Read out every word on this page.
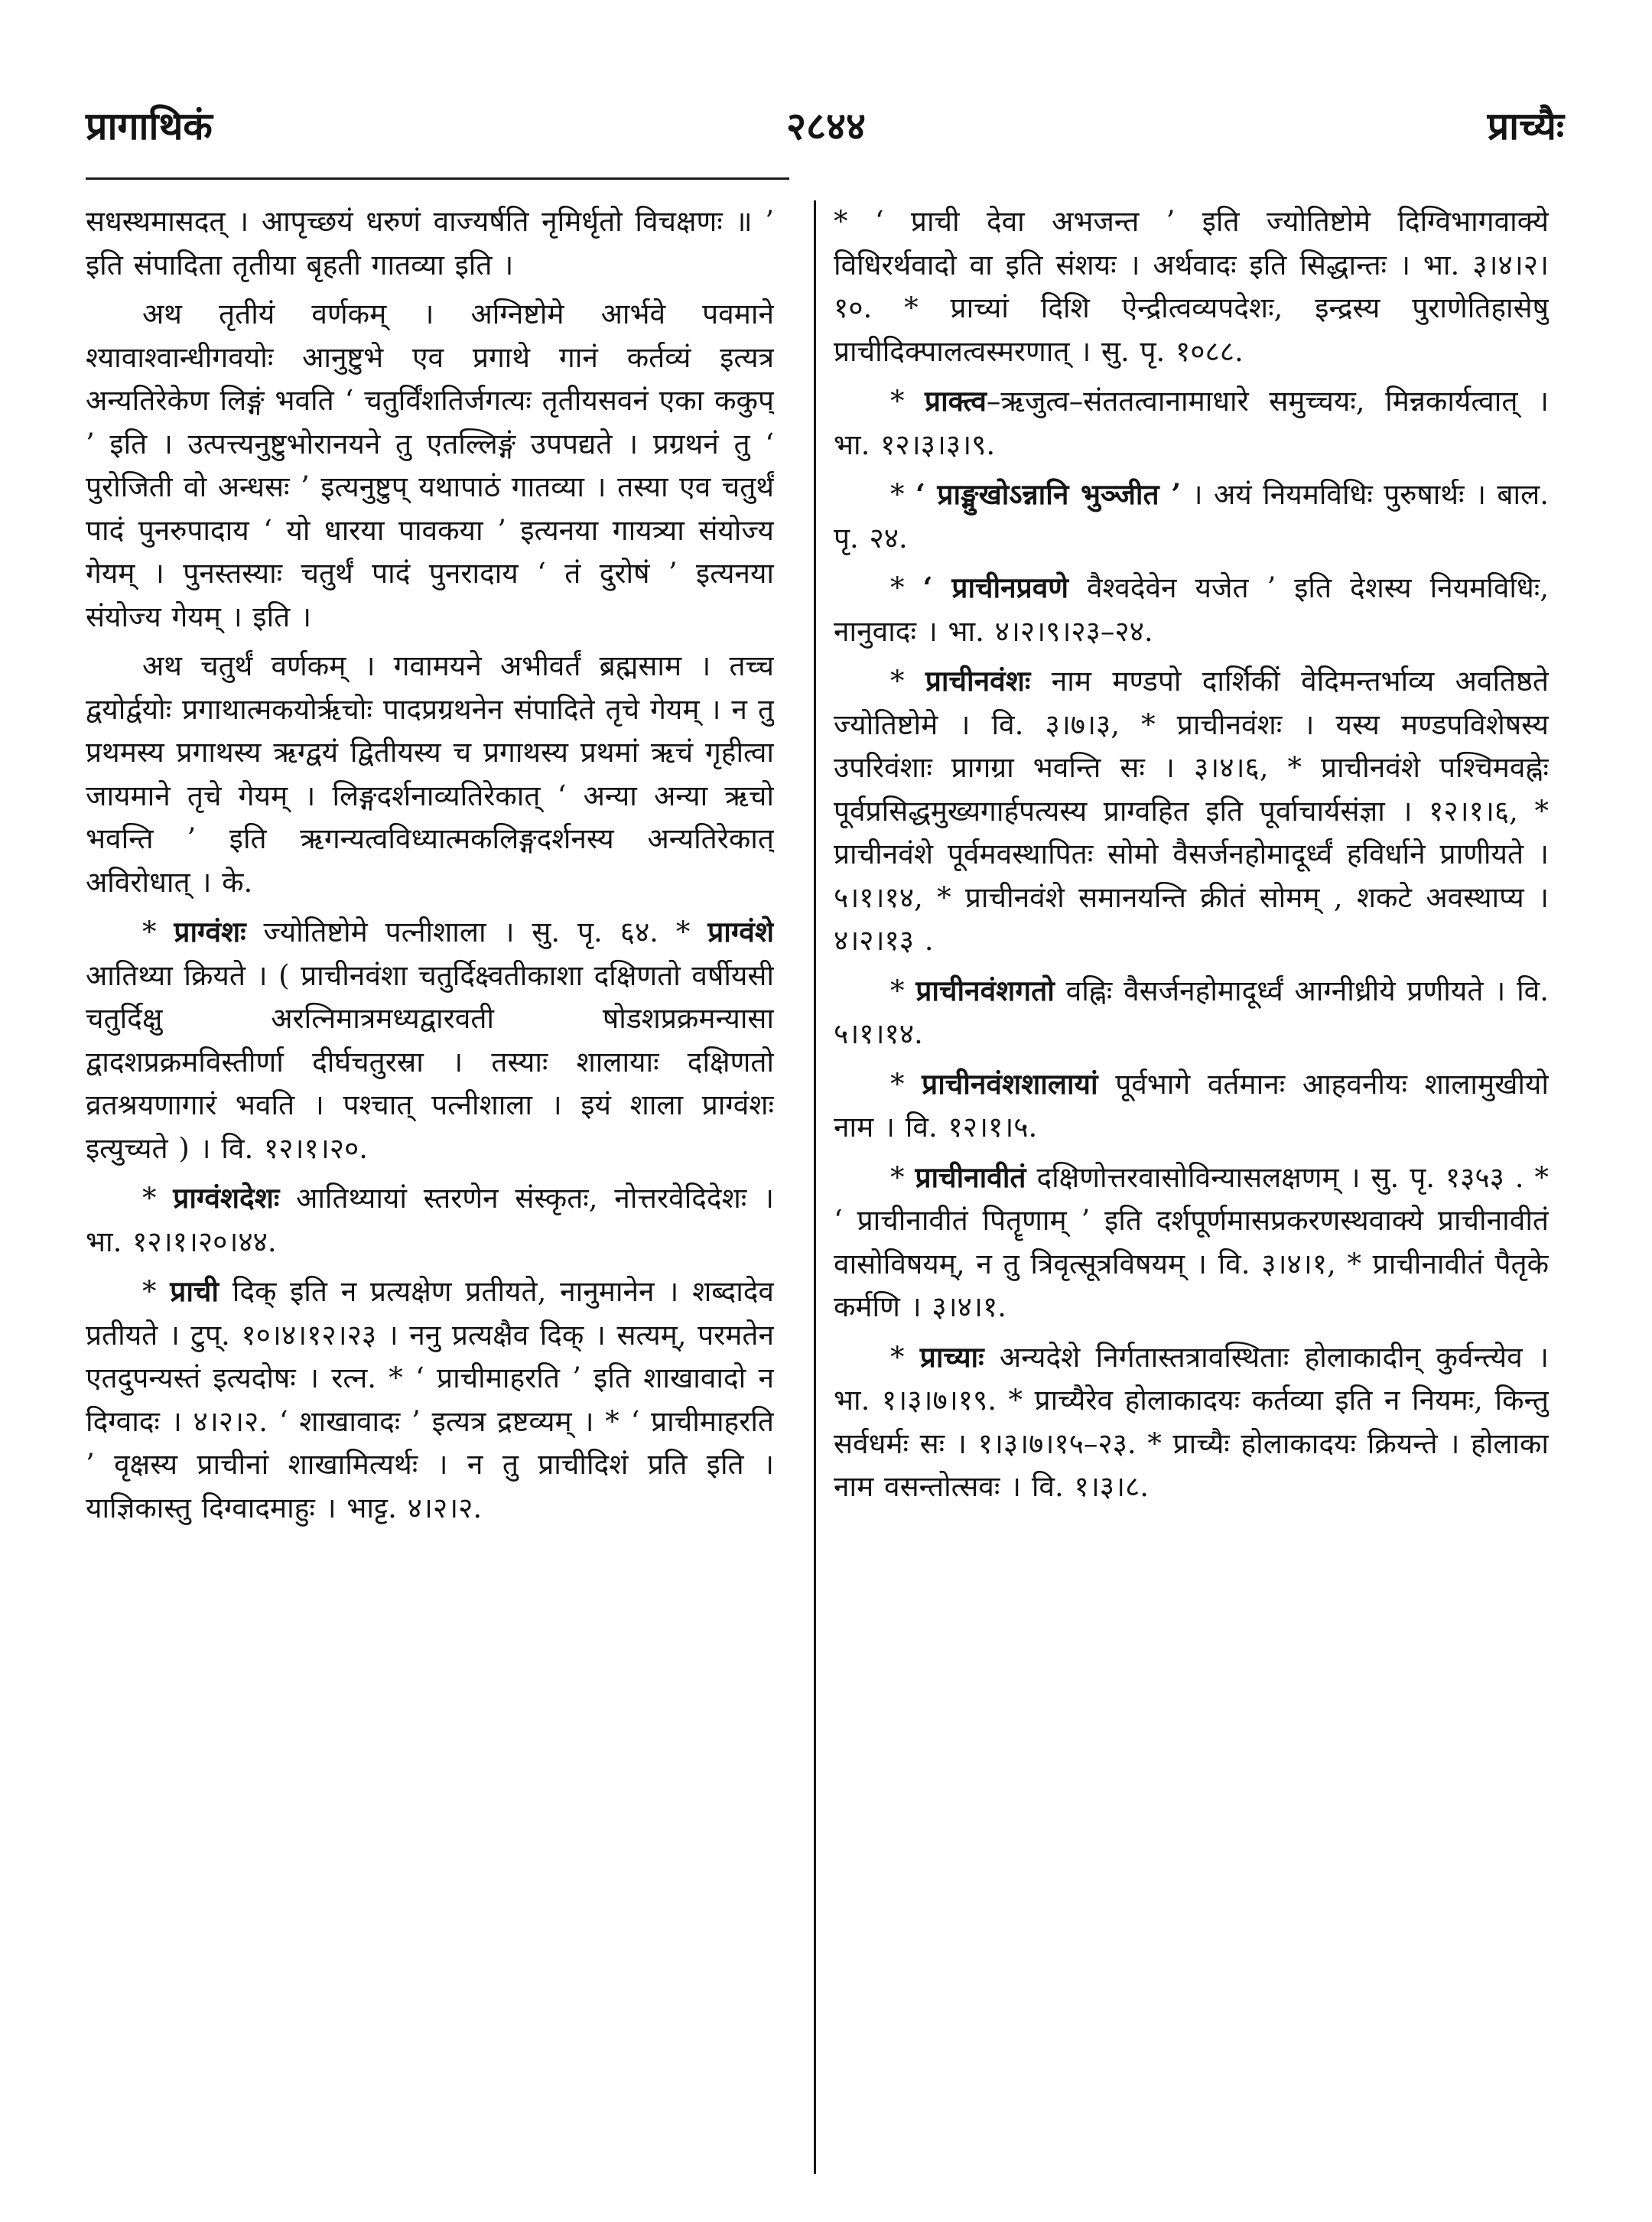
२८४४
प्रागाथिकं	प्राच्यैः

सधस्थमासदत् । आपृच्छयं धरुणं वाज्यर्षति नृमिर्धृतो विचक्षणः ॥ ’ इति संपादिता तृतीया बृहती गातव्या इति ।

अथ तृतीयं वर्णकम् । अग्निष्टोमे आर्भवे पवमाने श्यावाश्वान्धीगवयोः आनुष्टुभे एव प्रगाथे गानं कर्तव्यं इत्यत्र अन्यतिरेकेण लिङ्गं भवति ‘ चतुर्विंशतिर्जगत्यः तृतीयसवनं एका ककुप् ’ इति । उत्पत्त्यनुष्टुभोरानयने तु एतल्लिङ्गं उपपद्यते । प्रग्रथनं तु ‘ पुरोजिती वो अन्धसः ’ इत्यनुष्टुप् यथापाठं गातव्या । तस्या एव चतुर्थं पादं पुनरुपादाय ‘ यो धारया पावकया ’ इत्यनया गायत्र्या संयोज्य गेयम् । पुनस्तस्याः चतुर्थं पादं पुनरादाय ‘ तं दुरोषं ’ इत्यनया संयोज्य गेयम् । इति ।

अथ चतुर्थं वर्णकम् । गवामयने अभीवर्तं ब्रह्मसाम । तच्च द्वयोर्द्वयोः प्रगाथात्मकयोर्ऋचोः पादप्रग्रथनेन संपादिते तृचे गेयम् । न तु प्रथमस्य प्रगाथस्य ऋग्द्वयं द्वितीयस्य च प्रगाथस्य प्रथमां ऋचं गृहीत्वा जायमाने तृचे गेयम् । लिङ्गदर्शनाव्यतिरेकात् ‘ अन्या अन्या ऋचो भवन्ति ’ इति ऋगन्यत्वविध्यात्मकलिङ्गदर्शनस्य अन्यतिरेकात् अविरोधात् । के.

* प्राग्वंशः ज्योतिष्टोमे पत्नीशाला । सु. पृ. ६४. * प्राग्वंशे आतिथ्या क्रियते । ( प्राचीनवंशा चतुर्दिक्ष्वतीकाशा दक्षिणतो वर्षीयसी चतुर्दिक्षु अरत्निमात्रमध्यद्वारवती षोडशप्रक्रमन्यासा द्वादशप्रक्रमविस्तीर्णा दीर्घचतुरस्रा । तस्याः शालायाः दक्षिणतो व्रतश्रयणागारं भवति । पश्चात् पत्नीशाला । इयं शाला प्राग्वंशः इत्युच्यते ) । वि. १२।१।२०.

* प्राग्वंशदेशः आतिथ्यायां स्तरणेन संस्कृतः, नोत्तरवेदिदेशः । भा. १२।१।२०।४४.

* प्राची दिक् इति न प्रत्यक्षेण प्रतीयते, नानुमानेन । शब्दादेव प्रतीयते । टुप्. १०।४।१२।२३ । ननु प्रत्यक्षैव दिक् । सत्यम्, परमतेन एतदुपन्यस्तं इत्यदोषः । रत्न. * ‘ प्राचीमाहरति ’ इति शाखावादो न दिग्वादः । ४।२।२. ‘ शाखावादः ’ इत्यत्र द्रष्टव्यम् । * ‘ प्राचीमाहरति ’ वृक्षस्य प्राचीनां शाखामित्यर्थः । न तु प्राचीदिशं प्रति इति । याज्ञिकास्तु दिग्वादमाहुः । भाट्ट. ४।२।२.

* ‘ प्राची देवा अभजन्त ’ इति ज्योतिष्टोमे दिग्विभागवाक्ये विधिरर्थवादो वा इति संशयः । अर्थवादः इति सिद्धान्तः । भा. ३।४।२।१०. * प्राच्यां दिशि ऐन्द्रीत्वव्यपदेशः, इन्द्रस्य पुराणेतिहासेषु प्राचीदिक्पालत्वस्मरणात् । सु. पृ. १०८८.

* प्राक्त्व–ऋजुत्व–संततत्वानामाधारे समुच्चयः, मिन्नकार्यत्वात् । भा. १२।३।३।९.

* ‘ प्राङ्मुखोऽन्नानि भुञ्जीत ’ । अयं नियमविधिः पुरुषार्थः । बाल. पृ. २४.

* ‘ प्राचीनप्रवणे वैश्वदेवेन यजेत ’ इति देशस्य नियमविधिः, नानुवादः । भा. ४।२।९।२३–२४.

* प्राचीनवंशः नाम मण्डपो दार्शिकीं वेदिमन्तर्भाव्य अवतिष्ठते ज्योतिष्टोमे । वि. ३।७।३, * प्राचीनवंशः । यस्य मण्डपविशेषस्य उपरिवंशाः प्रागग्रा भवन्ति सः । ३।४।६, * प्राचीनवंशे पश्चिमवह्नेः पूर्वप्रसिद्धमुख्यगार्हपत्यस्य प्राग्वहित इति पूर्वाचार्यसंज्ञा । १२।१।६, * प्राचीनवंशे पूर्वमवस्थापितः सोमो वैसर्जनहोमादूर्ध्वं हविर्धाने प्राणीयते । ५।१।१४, * प्राचीनवंशे समानयन्ति क्रीतं सोमम् , शकटे अवस्थाप्य । ४।२।१३ .

* प्राचीनवंशगतो वह्निः वैसर्जनहोमादूर्ध्वं आग्नीध्रीये प्रणीयते । वि. ५।१।१४.

* प्राचीनवंशशालायां पूर्वभागे वर्तमानः आहवनीयः शालामुखीयो नाम । वि. १२।१।५.

* प्राचीनावीतं दक्षिणोत्तरवासोविन्यासलक्षणम् । सु. पृ. १३५३ . * ‘ प्राचीनावीतं पितॄणाम् ’ इति दर्शपूर्णमासप्रकरणस्थवाक्ये प्राचीनावीतं वासोविषयम्, न तु त्रिवृत्सूत्रविषयम् । वि. ३।४।१, * प्राचीनावीतं पैतृके कर्मणि । ३।४।१.

* प्राच्याः अन्यदेशे निर्गतास्तत्रावस्थिताः होलाकादीन् कुर्वन्त्येव । भा. १।३।७।१९. * प्राच्यैरेव होलाकादयः कर्तव्या इति न नियमः, किन्तु सर्वधर्मः सः । १।३।७।१५–२३. * प्राच्यैः होलाकादयः क्रियन्ते । होलाका नाम वसन्तोत्सवः । वि. १।३।८.
